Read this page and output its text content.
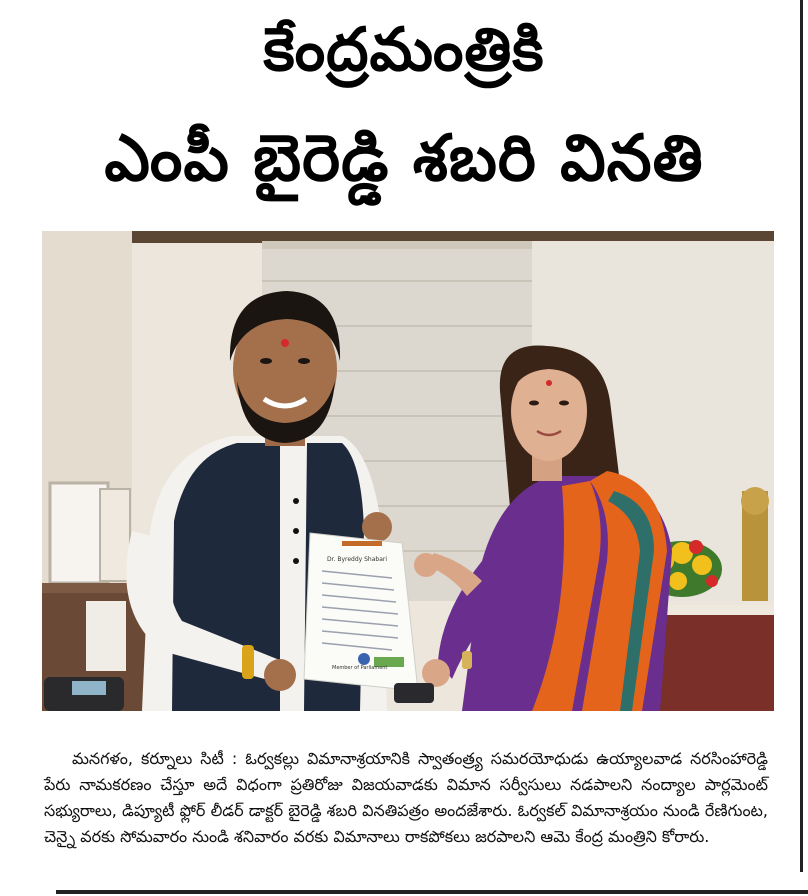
కేంద్రమంత్రికి
ఎంపీ బైరెడ్డి శబరి వినతి
Dr. Byreddy Shabari
Member of Parliament

మనగళం, కర్నూలు సిటీ : ఓర్వకల్లు విమానాశ్రయానికి స్వాతంత్ర్య సమరయోధుడు ఉయ్యాలవాడ నరసింహారెడ్డి పేరు నామకరణం చేస్తూ అదే విధంగా ప్రతిరోజు విజయవాడకు విమాన సర్వీసులు నడపాలని నంద్యాల పార్లమెంట్ సభ్యురాలు, డిప్యూటీ ఫ్లోర్ లీడర్ డాక్టర్ బైరెడ్డి శబరి వినతిపత్రం అందజేశారు. ఓర్వకల్ విమానాశ్రయం నుండి రేణిగుంట, చెన్నై వరకు సోమవారం నుండి శనివారం వరకు విమానాలు రాకపోకలు జరపాలని ఆమె కేంద్ర మంత్రిని కోరారు.
